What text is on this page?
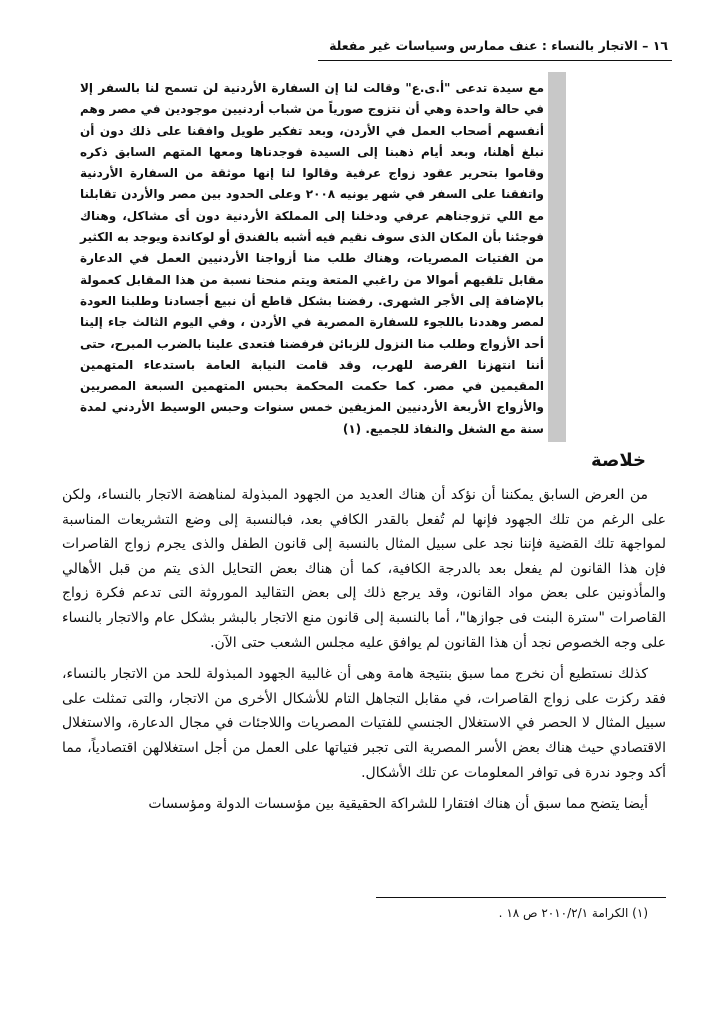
١٦ – الاتجار بالنساء : عنف ممارس وسياسات غير مفعلة

مع سيدة تدعى "أ.ى.ع" وقالت لنا إن السفارة الأردنية لن تسمح لنا بالسفر إلا في حالة واحدة وهي أن نتزوج صورياً من شباب أردنيين موجودين في مصر وهم أنفسهم أصحاب العمل في الأردن، وبعد تفكير طويل وافقنا على ذلك دون أن نبلغ أهلنا، وبعد أيام ذهبنا إلى السيدة فوجدناها ومعها المتهم السابق ذكره وقاموا بتحرير عقود زواج عرفية وقالوا لنا إنها موثقة من السفارة الأردنية واتفقنا على السفر في شهر يونيه ٢٠٠٨ وعلى الحدود بين مصر والأردن تقابلنا مع اللي تزوجناهم عرفي ودخلنا إلى المملكة الأردنية دون أى مشاكل، وهناك فوجئنا بأن المكان الذى سوف نقيم فيه أشبه بالفندق أو لوكاندة ويوجد به الكثير من الفتيات المصريات، وهناك طلب منا أزواجنا الأردنيين العمل في الدعارة مقابل تلقيهم أموالا من راغبي المتعة ويتم منحنا نسبة من هذا المقابل كعمولة بالإضافة إلى الأجر الشهرى. رفضنا بشكل قاطع أن نبيع أجسادنا وطلبنا العودة لمصر وهددنا باللجوء للسفارة المصرية في الأردن ، وفي اليوم الثالث جاء إلينا أحد الأزواج وطلب منا النزول للزبائن فرفضنا فتعدى علينا بالضرب المبرح، حتى أننا انتهزنا الفرصة للهرب، وقد قامت النيابة العامة باستدعاء المتهمين المقيمين في مصر. كما حكمت المحكمة بحبس المتهمين السبعة المصريين والأزواج الأربعة الأردنيين المزيفين خمس سنوات وحبس الوسيط الأردني لمدة سنة مع الشغل والنفاذ للجميع. (١)

خلاصة

من العرض السابق يمكننا أن نؤكد أن هناك العديد من الجهود المبذولة لمناهضة الاتجار بالنساء، ولكن على الرغم من تلك الجهود فإنها لم تُفعل بالقدر الكافي بعد، فبالنسبة إلى وضع التشريعات المناسبة لمواجهة تلك القضية فإننا نجد على سبيل المثال بالنسبة إلى قانون الطفل والذى يجرم زواج القاصرات فإن هذا القانون لم يفعل بعد بالدرجة الكافية، كما أن هناك بعض التحايل الذى يتم من قبل الأهالي والمأذونين على بعض مواد القانون، وقد يرجع ذلك إلى بعض التقاليد الموروثة التى تدعم فكرة زواج القاصرات "سترة البنت فى جوازها"، أما بالنسبة إلى قانون منع الاتجار بالبشر بشكل عام والاتجار بالنساء على وجه الخصوص نجد أن هذا القانون لم يوافق عليه مجلس الشعب حتى الآن.

كذلك نستطيع أن نخرج مما سبق بنتيجة هامة وهى أن غالبية الجهود المبذولة للحد من الاتجار بالنساء، فقد ركزت على زواج القاصرات، في مقابل التجاهل التام للأشكال الأخرى من الاتجار، والتى تمثلت على سبيل المثال لا الحصر في الاستغلال الجنسي للفتيات المصريات واللاجئات في مجال الدعارة، والاستغلال الاقتصادي حيث هناك بعض الأسر المصرية التى تجبر فتياتها على العمل من أجل استغلالهن اقتصادياً، مما أكد وجود ندرة فى توافر المعلومات عن تلك الأشكال.

أيضا يتضح مما سبق أن هناك افتقارا للشراكة الحقيقية بين مؤسسات الدولة ومؤسسات

(١) الكرامة ٢٠١٠/٢/١ ص ١٨ .
